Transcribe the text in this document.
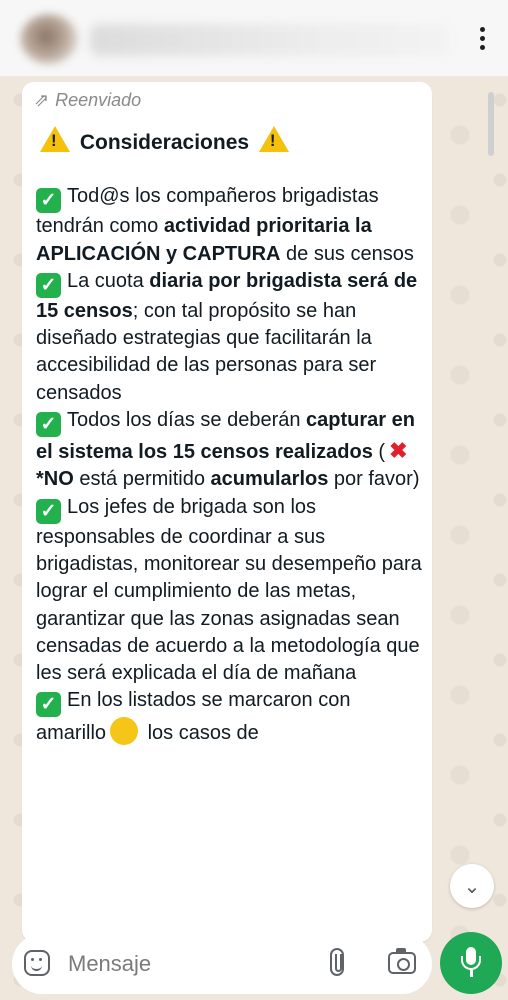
⇗ Reenviado

! Consideraciones !

✓ Tod@s los compañeros brigadistas tendrán como actividad prioritaria la APLICACIÓN y CAPTURA de sus censos

✓ La cuota diaria por brigadista será de 15 censos; con tal propósito se han diseñado estrategias que facilitarán la accesibilidad de las personas para ser censados

✓ Todos los días se deberán capturar en el sistema los 15 censos realizados ( ✖ *NO está permitido acumularlos por favor)

✓ Los jefes de brigada son los responsables de coordinar a sus brigadistas, monitorear su desempeño para lograr el cumplimiento de las metas, garantizar que las zonas asignadas sean censadas de acuerdo a la metodología que les será explicada el día de mañana

✓ En los listados se marcaron con amarillo los casos de

⌄
Mensaje
